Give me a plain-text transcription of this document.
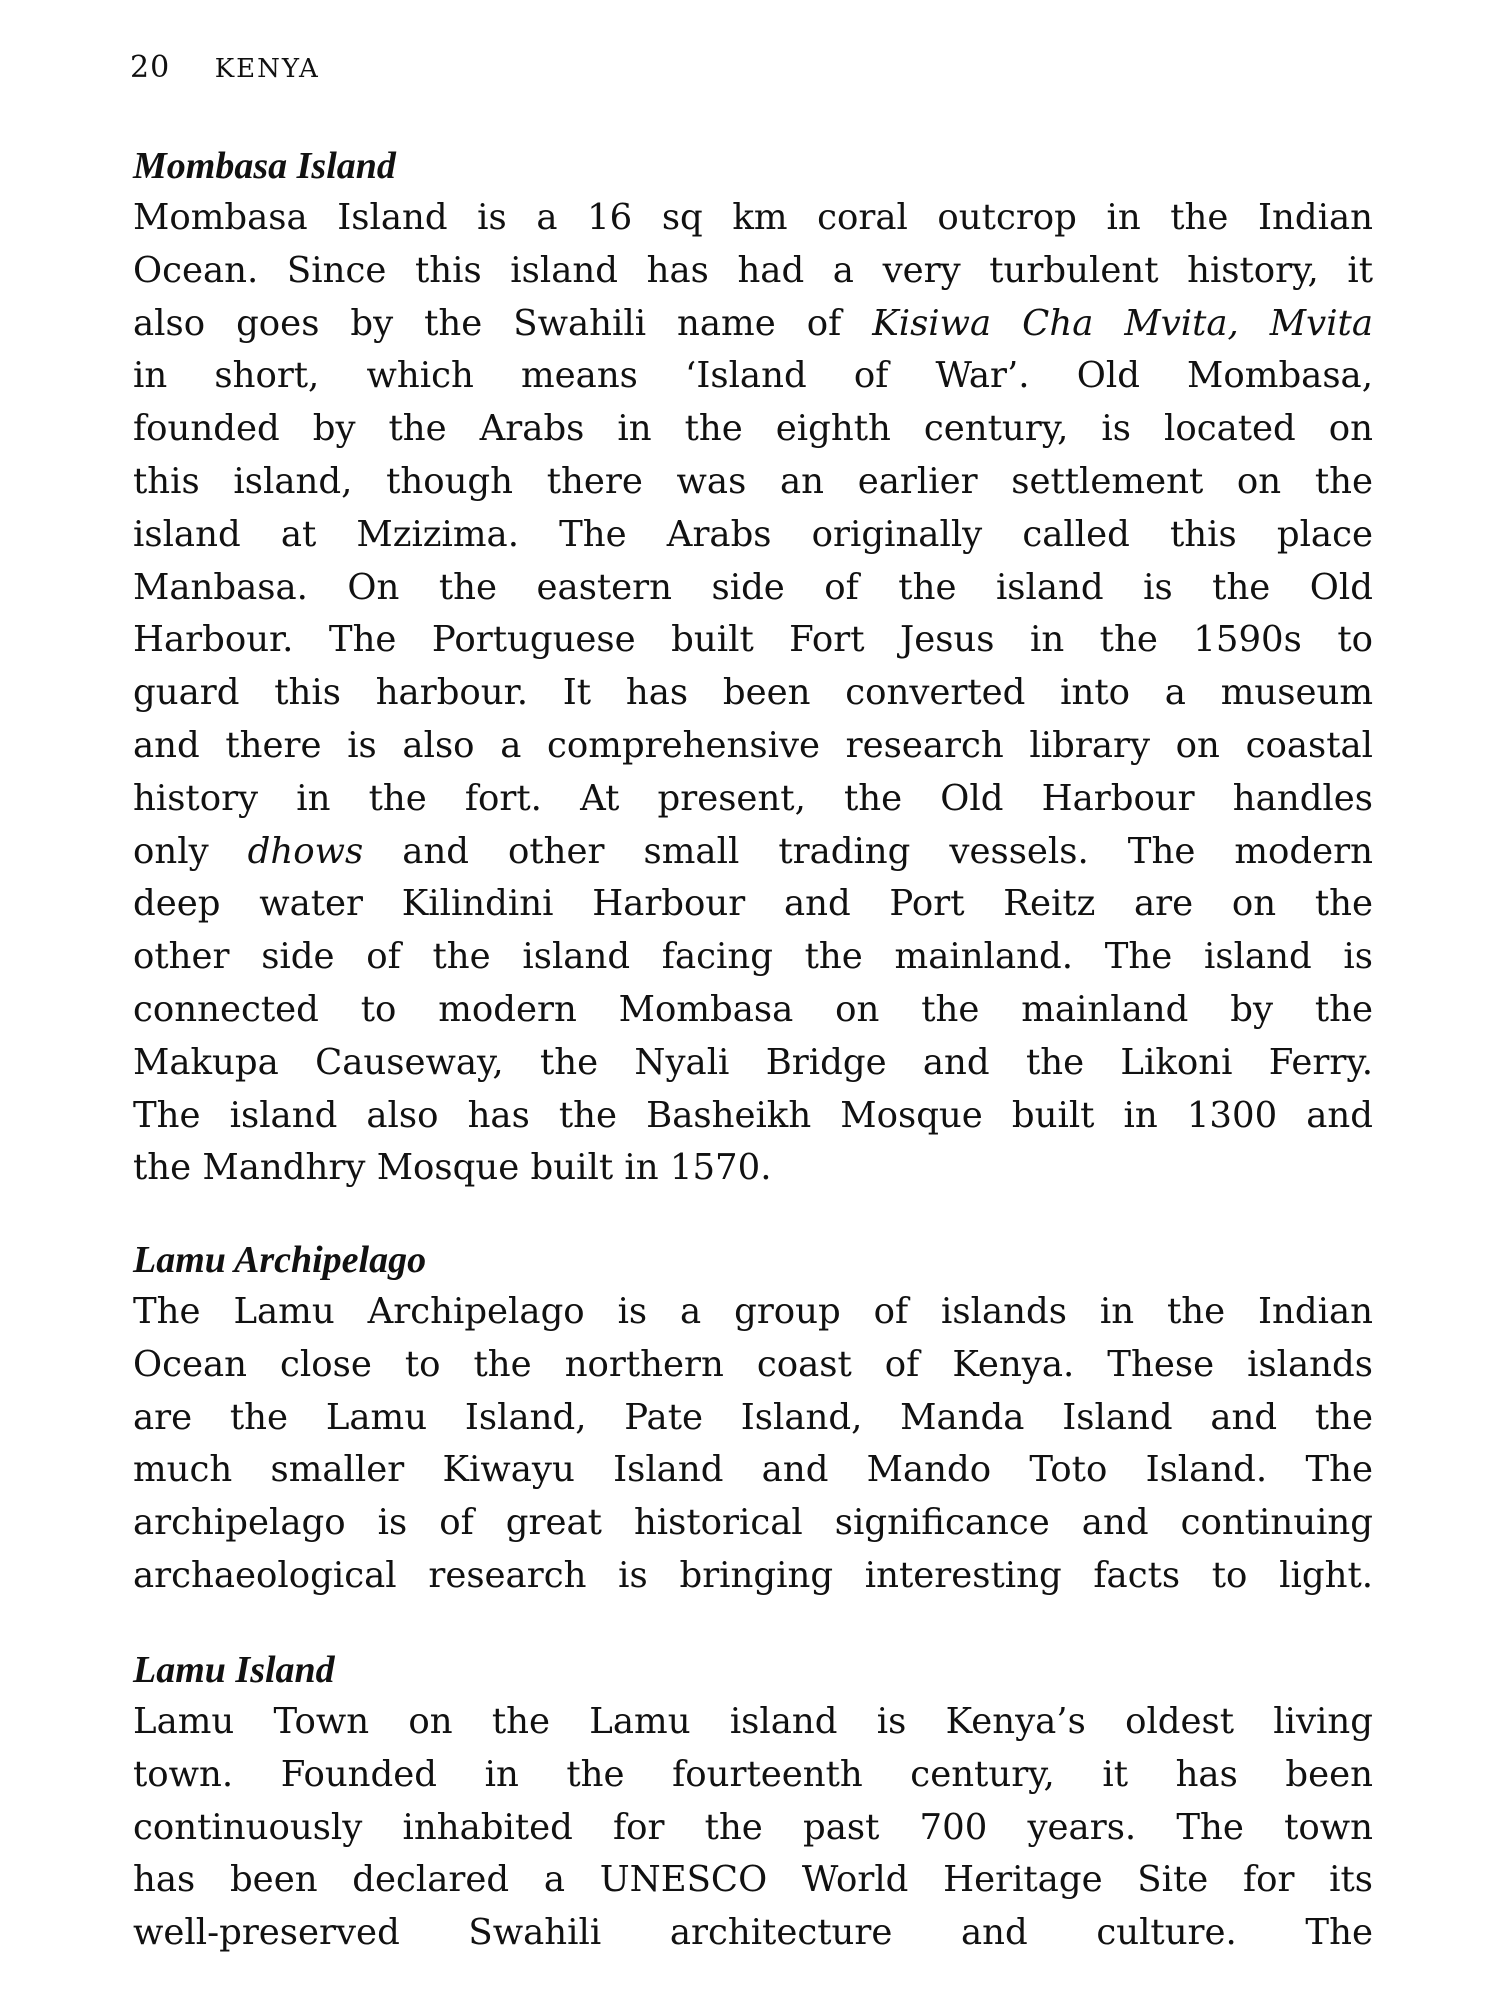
20 KENYA
Mombasa Island
Mombasa Island is a 16 sq km coral outcrop in the Indian
Ocean. Since this island has had a very turbulent history, it
also goes by the Swahili name of Kisiwa Cha Mvita, Mvita
in short, which means ‘Island of War’. Old Mombasa,
founded by the Arabs in the eighth century, is located on
this island, though there was an earlier settlement on the
island at Mzizima. The Arabs originally called this place
Manbasa. On the eastern side of the island is the Old
Harbour. The Portuguese built Fort Jesus in the 1590s to
guard this harbour. It has been converted into a museum
and there is also a comprehensive research library on coastal
history in the fort. At present, the Old Harbour handles
only dhows and other small trading vessels. The modern
deep water Kilindini Harbour and Port Reitz are on the
other side of the island facing the mainland. The island is
connected to modern Mombasa on the mainland by the
Makupa Causeway, the Nyali Bridge and the Likoni Ferry.
The island also has the Basheikh Mosque built in 1300 and
the Mandhry Mosque built in 1570.
Lamu Archipelago
The Lamu Archipelago is a group of islands in the Indian
Ocean close to the northern coast of Kenya. These islands
are the Lamu Island, Pate Island, Manda Island and the
much smaller Kiwayu Island and Mando Toto Island. The
archipelago is of great historical significance and continuing
archaeological research is bringing interesting facts to light.
Lamu Island
Lamu Town on the Lamu island is Kenya’s oldest living
town. Founded in the fourteenth century, it has been
continuously inhabited for the past 700 years. The town
has been declared a UNESCO World Heritage Site for its
well-preserved Swahili architecture and culture. The
